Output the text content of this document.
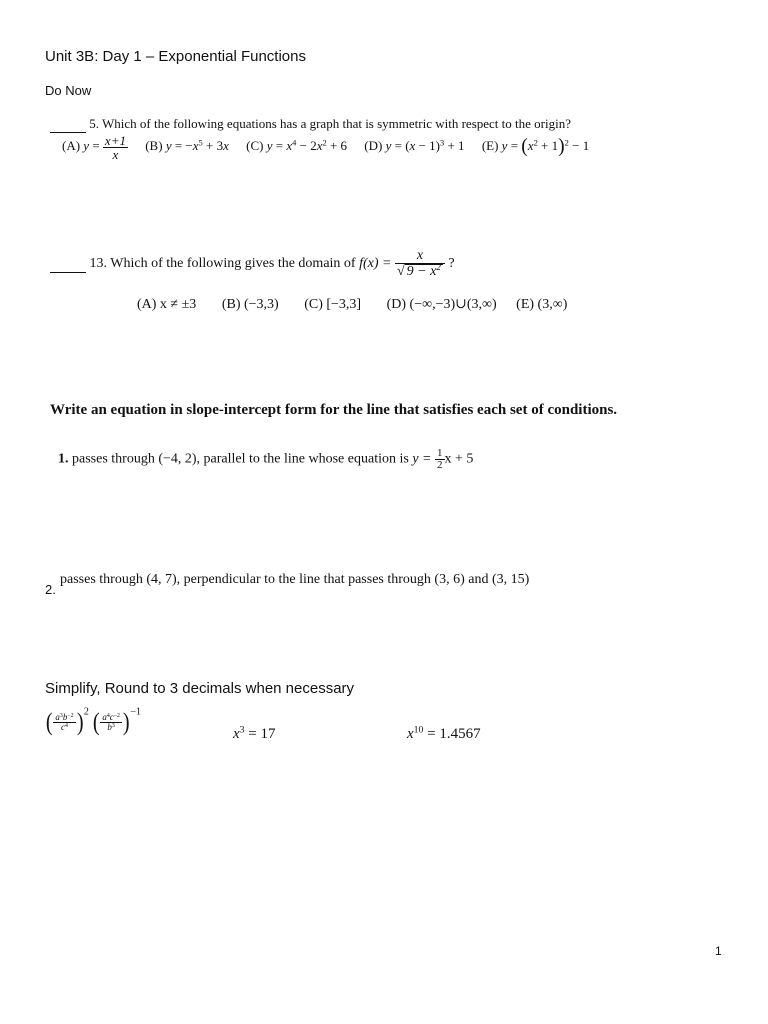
Unit 3B: Day 1 – Exponential Functions
Do Now
5. Which of the following equations has a graph that is symmetric with respect to the origin?
(A) $y = \frac{x+1}{x} (B) y = -x^5 + 3x$ (C) $y = x^4 - 2x^2 + 6$ (D) $y = (x - 1)^3 + 1$ (E) $y = (x^2 + 1)^2 - 1$
13. Which of the following gives the domain of $f(x) = \frac{x}{√ 9 - x^2}$ ?
(A) x ≠ ±3 (B) (−3,3) (C) [−3,3] (D) (−∞,−3)∪(3,∞) (E) (3,∞)
Write an equation in slope-intercept form for the line that satisfies each set of conditions.
1. passes through (−4, 2), parallel to the line whose equation is $y = \frac{1}{2}$ x + 5
2.
passes through (4, 7), perpendicular to the line that passes through (3, 6) and (3, 15)
Simplify, Round to 3 decimals when necessary
( $\frac{a^3b^{-2}}{c^4} )^2$ ( $\frac{a^4c^{-2}}{b^3} )^{-1}$
$x^3 = 17$	$x^{10} = 1.4567$
1
